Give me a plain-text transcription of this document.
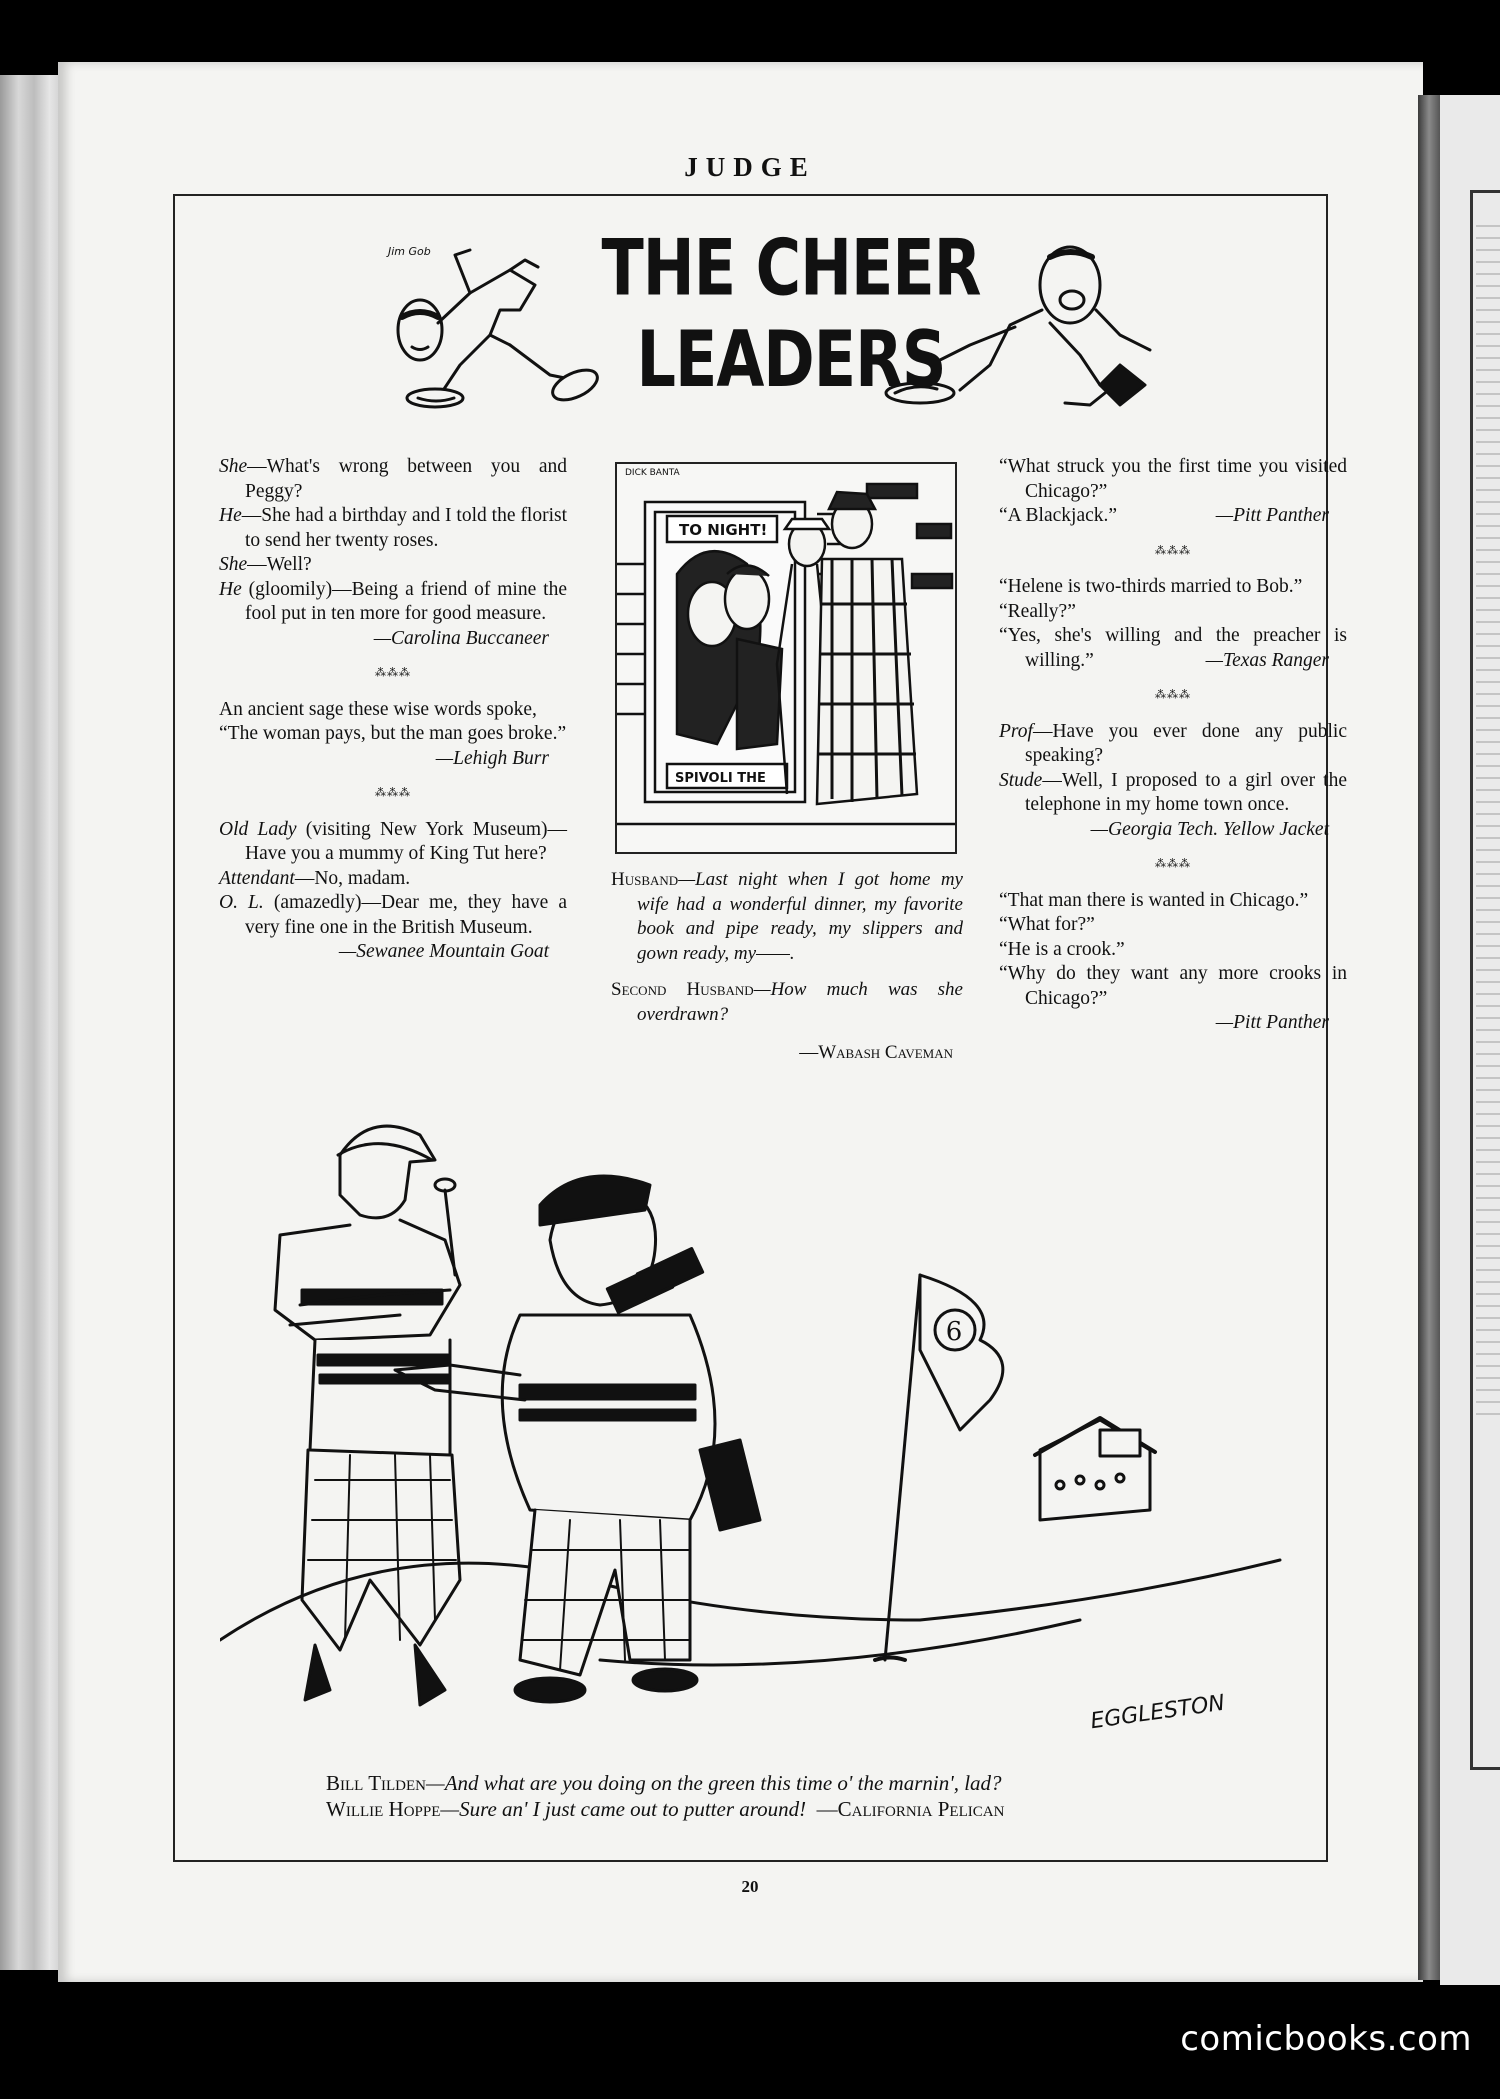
JUDGE
Jim Gob	THE CHEER LEADERS
She—What's wrong between you and Peggy?
He—She had a birthday and I told the florist to send her twenty roses.
She—Well?
He (gloomily)—Being a friend of mine the fool put in ten more for good measure.
—Carolina Buccaneer
⁂⁂⁂
An ancient sage these wise words spoke,
“The woman pays, but the man goes broke.”
—Lehigh Burr
⁂⁂⁂
Old Lady (visiting New York Museum)—Have you a mummy of King Tut here?
Attendant—No, madam.
O. L. (amazedly)—Dear me, they have a very fine one in the British Museum.
—Sewanee Mountain Goat
DICK BANTA
TO NIGHT!
SPIVOLI THE
Husband—Last night when I got home my wife had a wonderful dinner, my favorite book and pipe ready, my slippers and gown ready, my——.
Second Husband—How much was she overdrawn?
—Wabash Caveman
“What struck you the first time you visited Chicago?”
“A Blackjack.”	—Pitt Panther
⁂⁂⁂
“Helene is two-thirds married to Bob.”
“Really?”
“Yes, she's willing and the preacher is willing.”	—Texas Ranger
⁂⁂⁂
Prof—Have you ever done any public speaking?
Stude—Well, I proposed to a girl over the telephone in my home town once.
—Georgia Tech. Yellow Jacket
⁂⁂⁂
“That man there is wanted in Chicago.”
“What for?”
“He is a crook.”
“Why do they want any more crooks in Chicago?”
—Pitt Panther
6
EGGLESTON
Bill Tilden—And what are you doing on the green this time o' the marnin', lad?
Willie Hoppe—Sure an' I just came out to putter around! —California Pelican
20
comicbooks.com
